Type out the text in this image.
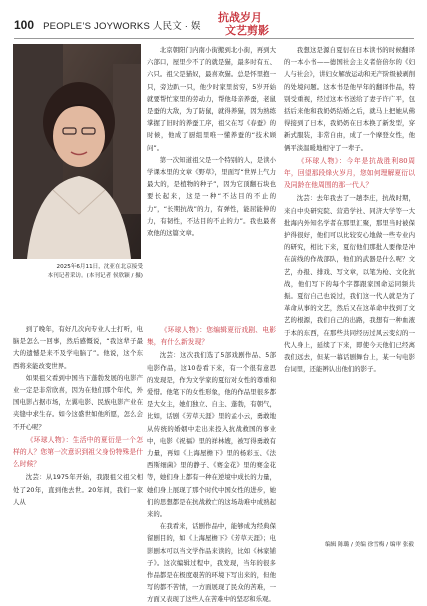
100 PEOPLE’S JOYWORKS 人民文 · 娱
抗战岁月
文艺剪影
2025年6月11日，沈亚在北京接受
本刊记者采访。(本刊记者 侯欣颖 / 摄)

北京朝阳门内南小街搬到北小街，再到大六部口，屋里少不了的就是猫，最多时有五、六只。祖父是猫奴，最喜欢猫。总是怀里抱一只，旁边趴一只，他少时家里贫穷，5岁开始就要帮忙家里的劳动力，帮他母亲养蚕，老鼠是蚕的大敌，为了防鼠，就得养猫，因为熟练掌握了旧时的养蚕工序，祖父在写《春蚕》的时候，他成了厨组里唯一懂养蚕的“技术顾问”。

第一次知道祖父是一个特别的人，是读小学课本里的文章《野草》，里面写“世界上气力最大的，是植物的种子”，因为它顶翻石块也要长起来，这是一种“不达目的不止的力”，“长期抗战”的力，有弹性，能屈能伸的力，有韧性，不达目的不止的力”。我也最喜欢他的这篇文章。

到了晚年，有好几次向专业人士打听，电脑是怎么一回事，然后感慨说，“我这辈子最大的遗憾是来不及学电脑了”。他说，这个东西将来能改变世界。

如果祖父看到中国当下蓬勃发展的电影产业一定是非常欣喜，因为在他们那个年代，外国电影占据市场，左翼电影、民族电影产业在夹缝中求生存。如今这盛世如他所愿，怎么会不开心呢？

《环球人物》：生活中的夏衍是一个怎样的人？您第一次意识到祖父身份特殊是什么时候？

沈芸：从1975年开始，我跟祖父祖父相处了20年，直到他去世。20年间，我们一家人从

《环球人物》：您编辑夏衍戏剧、电影集，有什么新发现？

沈芸：这次我们选了5部戏剧作品、5部电影作品，这10卷看下来，有一个很有意思的发现是，作为文学家的夏衍对女性的尊重和爱惜。他笔下的女性形象，他的作品里很多都是大女主，她们独立、自主、蓬勃，有朝气，比如，话剧《芳草天涯》里的孟小云，勇敢地从传统的婚姻中走出来投入抗战救国的事业中，电影《祝福》里的祥林嫂，被写得勇敢有力量，再如《上海屋檐下》里的杨彩玉、《法西斯细菌》里的静子、《赛金花》里的赛金花等，她们身上都有一种在逆境中成长的力量，她们身上展现了那个时代中国女性的进步，她们的思想都是在抗战救亡的这场劫难中成熟起来的。

在我看来，话剧作品中，能够成为经典保留剧目的，如《上海屋檐下》《芳草天涯》；电影剧本可以当文学作品来读的，比如《林家铺子》。这次编辑过程中，我发现，当年的很多作品都是在极度艰苦的环境下写出来的，但他写的都不苦情，一方面展现了民众的苦难，一方面又表现了这些人在苦难中的坚忍和乐观。

我想这是源自夏衍在日本读书的时候翻译的一本小书——德国社会主义者倍倍尔的《妇人与社会》，讲妇女解放运动和无产阶级被剥削的处境问题。这本书是他早年的翻译作品，特别受重视，经过这本书送给了妻子许广平，包括后来他和我奶奶结婚之后，就马上把她从佛得接到了日本，我奶奶在日本换了新发型，穿新式服装，非常自由，成了一个摩登女性，他俩平淡温暖地相守了一辈子。

《环球人物》：今年是抗战胜利80周年，回望那段烽火岁月，您如何理解夏衍以及同龄在他周围的那一代人？

沈芸：去年我去了一趟李庄，抗战时期，来自中央研究院、营造学社、同济大学等一大批海内外知名学者在那里汇聚，那里当时被保护得很好，他们可以比较安心地做一些专业内的研究，相比下来，夏衍他们那批人要像是冲在前线的作战部队，他们的武器是什么呢？文艺，办报、排戏、写文章，以笔为枪、文化抗战，他们写下的每个字都跟家国命运同频共振。夏衍自己也说过，我们这一代人就是为了革命从事的文艺，然后又在这革命中找到了文艺的根源，我们自己的出路，我想有一种血液于本的东西，在那些共同经历过风云变幻的一代人身上，延续了下来，即使今天他们已经离我们远去，但某一幕话剧舞台上，某一句电影台词里，还能辨认出他们的影子。

编辑 陈璐 / 美编 徐雪梅 / 编审 张毅
